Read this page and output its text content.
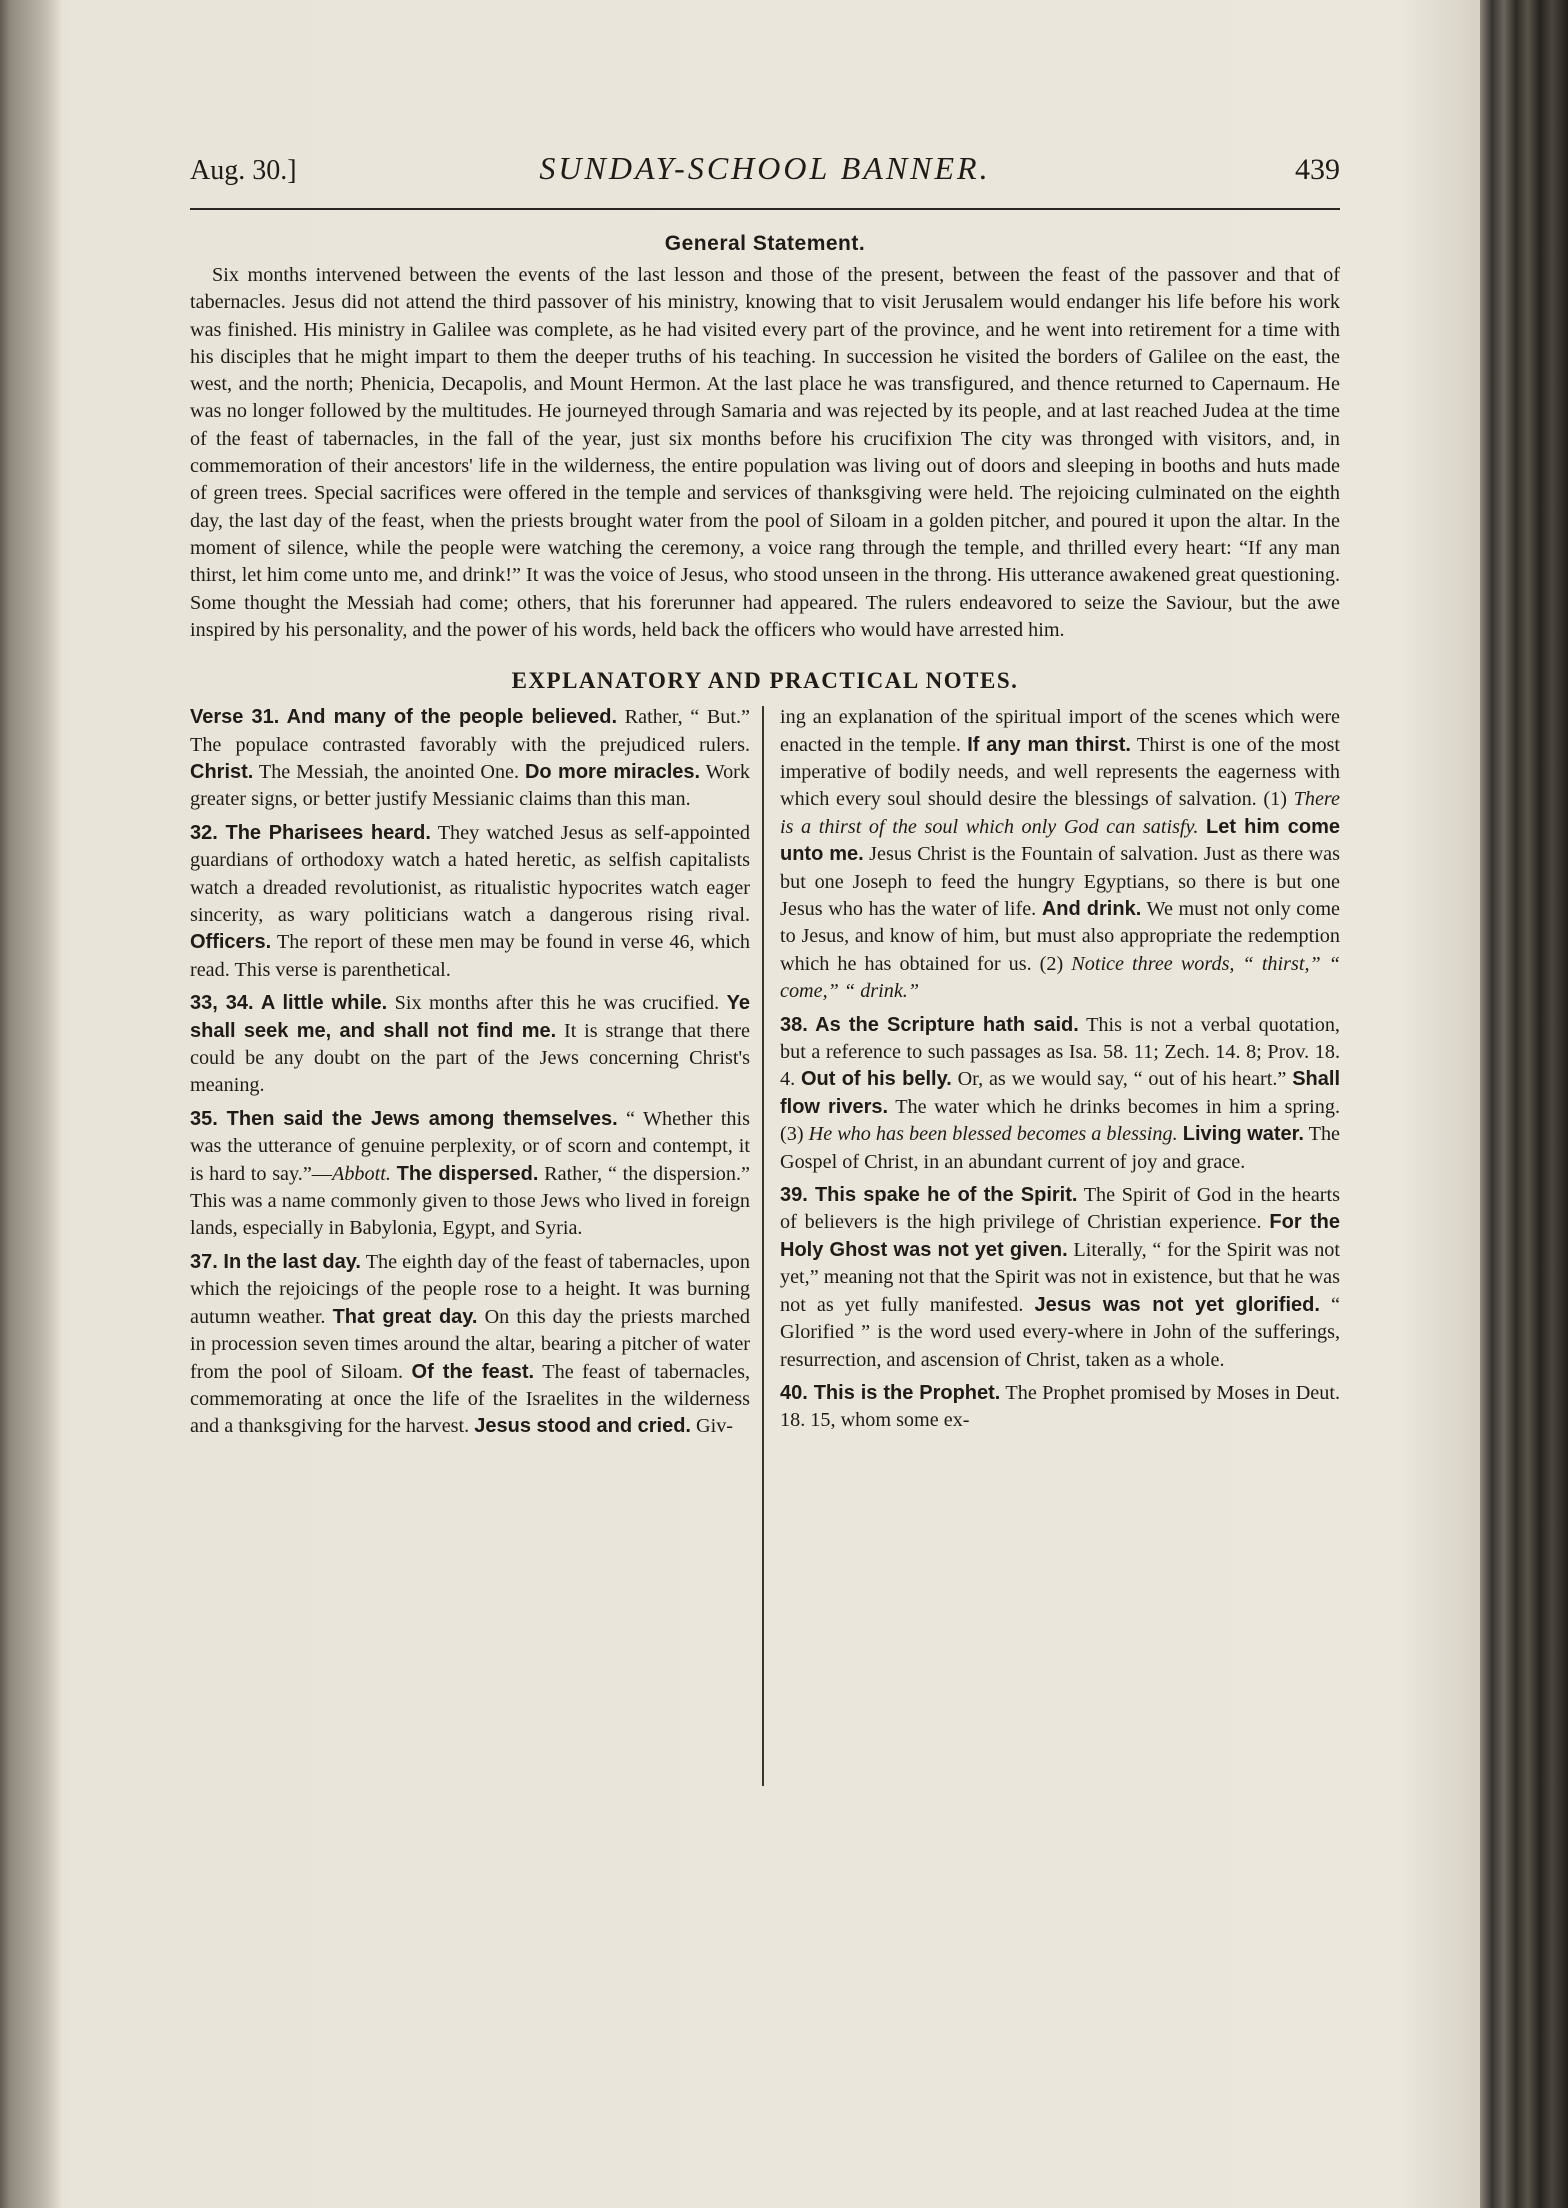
Aug. 30.]	SUNDAY-SCHOOL BANNER.	439
General Statement.

Six months intervened between the events of the last lesson and those of the present, between the feast of the passover and that of tabernacles. Jesus did not attend the third passover of his ministry, knowing that to visit Jerusalem would endanger his life before his work was finished. His ministry in Galilee was complete, as he had visited every part of the province, and he went into retirement for a time with his disciples that he might impart to them the deeper truths of his teaching. In succession he visited the borders of Galilee on the east, the west, and the north; Phenicia, Decapolis, and Mount Hermon. At the last place he was transfigured, and thence returned to Capernaum. He was no longer followed by the multitudes. He journeyed through Samaria and was rejected by its people, and at last reached Judea at the time of the feast of tabernacles, in the fall of the year, just six months before his crucifixion The city was thronged with visitors, and, in commemoration of their ancestors' life in the wilderness, the entire population was living out of doors and sleeping in booths and huts made of green trees. Special sacrifices were offered in the temple and services of thanksgiving were held. The rejoicing culminated on the eighth day, the last day of the feast, when the priests brought water from the pool of Siloam in a golden pitcher, and poured it upon the altar. In the moment of silence, while the people were watching the ceremony, a voice rang through the temple, and thrilled every heart: “If any man thirst, let him come unto me, and drink!” It was the voice of Jesus, who stood unseen in the throng. His utterance awakened great questioning. Some thought the Messiah had come; others, that his forerunner had appeared. The rulers endeavored to seize the Saviour, but the awe inspired by his personality, and the power of his words, held back the officers who would have arrested him.

EXPLANATORY AND PRACTICAL NOTES.

Verse 31. And many of the people believed. Rather, “ But.” The populace contrasted favorably with the prejudiced rulers. Christ. The Messiah, the anointed One. Do more miracles. Work greater signs, or better justify Messianic claims than this man.

32. The Pharisees heard. They watched Jesus as self-appointed guardians of orthodoxy watch a hated heretic, as selfish capitalists watch a dreaded revolutionist, as ritualistic hypocrites watch eager sincerity, as wary politicians watch a dangerous rising rival. Officers. The report of these men may be found in verse 46, which read. This verse is parenthetical.

33, 34. A little while. Six months after this he was crucified. Ye shall seek me, and shall not find me. It is strange that there could be any doubt on the part of the Jews concerning Christ's meaning.

35. Then said the Jews among themselves. “ Whether this was the utterance of genuine perplexity, or of scorn and contempt, it is hard to say.”—Abbott. The dispersed. Rather, “ the dispersion.” This was a name commonly given to those Jews who lived in foreign lands, especially in Babylonia, Egypt, and Syria.

37. In the last day. The eighth day of the feast of tabernacles, upon which the rejoicings of the people rose to a height. It was burning autumn weather. That great day. On this day the priests marched in procession seven times around the altar, bearing a pitcher of water from the pool of Siloam. Of the feast. The feast of tabernacles, commemorating at once the life of the Israelites in the wilderness and a thanksgiving for the harvest. Jesus stood and cried. Giv-

ing an explanation of the spiritual import of the scenes which were enacted in the temple. If any man thirst. Thirst is one of the most imperative of bodily needs, and well represents the eagerness with which every soul should desire the blessings of salvation. (1) There is a thirst of the soul which only God can satisfy. Let him come unto me. Jesus Christ is the Fountain of salvation. Just as there was but one Joseph to feed the hungry Egyptians, so there is but one Jesus who has the water of life. And drink. We must not only come to Jesus, and know of him, but must also appropriate the redemption which he has obtained for us. (2) Notice three words, “ thirst,” “ come,” “ drink.”

38. As the Scripture hath said. This is not a verbal quotation, but a reference to such passages as Isa. 58. 11; Zech. 14. 8; Prov. 18. 4. Out of his belly. Or, as we would say, “ out of his heart.” Shall flow rivers. The water which he drinks becomes in him a spring. (3) He who has been blessed becomes a blessing. Living water. The Gospel of Christ, in an abundant current of joy and grace.

39. This spake he of the Spirit. The Spirit of God in the hearts of believers is the high privilege of Christian experience. For the Holy Ghost was not yet given. Literally, “ for the Spirit was not yet,” meaning not that the Spirit was not in existence, but that he was not as yet fully manifested. Jesus was not yet glorified. “ Glorified ” is the word used every-where in John of the sufferings, resurrection, and ascension of Christ, taken as a whole.

40. This is the Prophet. The Prophet promised by Moses in Deut. 18. 15, whom some ex-
